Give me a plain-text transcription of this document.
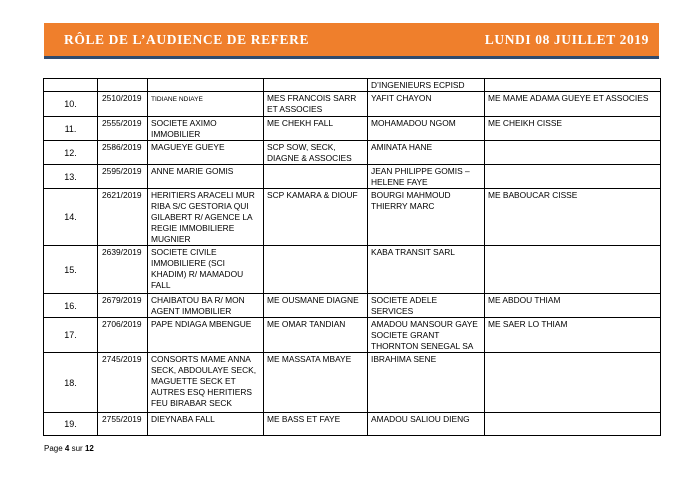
RÔLE DE L’AUDIENCE DE REFERE	LUNDI 08 JUILLET 2019
				D’INGENIEURS ECPISD	
10.	2510/2019	TIDIANE NDIAYE	MES FRANCOIS SARR ET ASSOCIES	YAFIT CHAYON	ME MAME ADAMA GUEYE ET ASSOCIES
11.	2555/2019	SOCIETE AXIMO IMMOBILIER	ME CHEKH FALL	MOHAMADOU NGOM	ME CHEIKH CISSE
12.	2586/2019	MAGUEYE GUEYE	SCP SOW, SECK, DIAGNE & ASSOCIES	AMINATA HANE	
13.	2595/2019	ANNE MARIE GOMIS		JEAN PHILIPPE GOMIS – HELENE FAYE	
14.	2621/2019	HERITIERS ARACELI MUR RIBA S/C GESTORIA QUI GILABERT R/ AGENCE LA REGIE IMMOBILIERE MUGNIER	SCP KAMARA & DIOUF	BOURGI MAHMOUD THIERRY MARC	ME BABOUCAR CISSE
15.	2639/2019	SOCIETE CIVILE IMMOBILIERE (SCI KHADIM) R/ MAMADOU FALL		KABA TRANSIT SARL	
16.	2679/2019	CHAIBATOU BA R/ MON AGENT IMMOBILIER	ME OUSMANE DIAGNE	SOCIETE ADELE SERVICES	ME ABDOU THIAM
17.	2706/2019	PAPE NDIAGA MBENGUE	ME OMAR TANDIAN	AMADOU MANSOUR GAYE SOCIETE GRANT THORNTON SENEGAL SA	ME SAER LO THIAM
18.	2745/2019	CONSORTS MAME ANNA SECK, ABDOULAYE SECK, MAGUETTE SECK ET AUTRES ESQ HERITIERS FEU BIRABAR SECK	ME MASSATA MBAYE	IBRAHIMA SENE	
19.	2755/2019	DIEYNABA FALL	ME BASS ET FAYE	AMADOU SALIOU DIENG	
Page 4 sur 12
